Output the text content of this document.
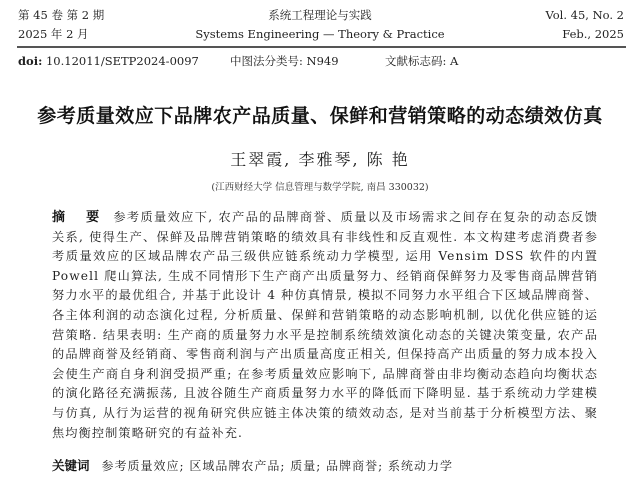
第 45 卷 第 2 期
2025 年 2 月
系统工程理论与实践
Systems Engineering — Theory & Practice
Vol. 45, No. 2
Feb., 2025
doi: 10.12011/SETP2024-0097	中图法分类号: N949	文献标志码: A
参考质量效应下品牌农产品质量、保鲜和营销策略的动态绩效仿真
王翠霞, 李雅琴, 陈 艳
(江西财经大学 信息管理与数学学院, 南昌 330032)
摘 要 参考质量效应下, 农产品的品牌商誉、质量以及市场需求之间存在复杂的动态反馈关系, 使得生产、保鲜及品牌营销策略的绩效具有非线性和反直观性. 本文构建考虑消费者参考质量效应的区域品牌农产品三级供应链系统动力学模型, 运用 Vensim DSS 软件的内置 Powell 爬山算法, 生成不同情形下生产商产出质量努力、经销商保鲜努力及零售商品牌营销努力水平的最优组合, 并基于此设计 4 种仿真情景, 模拟不同努力水平组合下区域品牌商誉、各主体利润的动态演化过程, 分析质量、保鲜和营销策略的动态影响机制, 以优化供应链的运营策略. 结果表明: 生产商的质量努力水平是控制系统绩效演化动态的关键决策变量, 农产品的品牌商誉及经销商、零售商利润与产出质量高度正相关, 但保持高产出质量的努力成本投入会使生产商自身利润受损严重; 在参考质量效应影响下, 品牌商誉由非均衡动态趋向均衡状态的演化路径充满振荡, 且波谷随生产商质量努力水平的降低而下降明显. 基于系统动力学建模与仿真, 从行为运营的视角研究供应链主体决策的绩效动态, 是对当前基于分析模型方法、聚焦均衡控制策略研究的有益补充.
关键词 参考质量效应; 区域品牌农产品; 质量; 品牌商誉; 系统动力学
